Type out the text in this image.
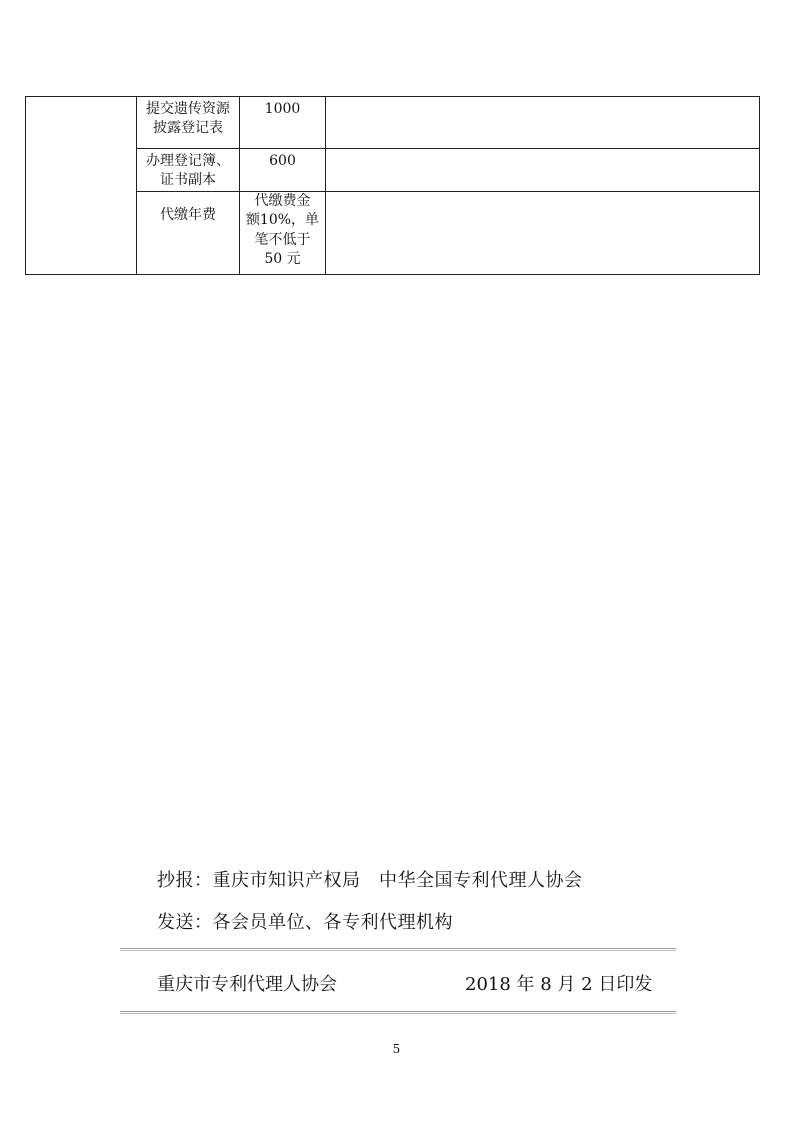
	提交遗传资源
披露登记表	1000	

	办理登记簿、
证书副本	600	

	代缴年费	代缴费金
额10%，单
笔不低于
50 元	

抄报：重庆市知识产权局　中华全国专利代理人协会
发送：各会员单位、各专利代理机构
重庆市专利代理人协会	2018 年 8 月 2 日印发
5
